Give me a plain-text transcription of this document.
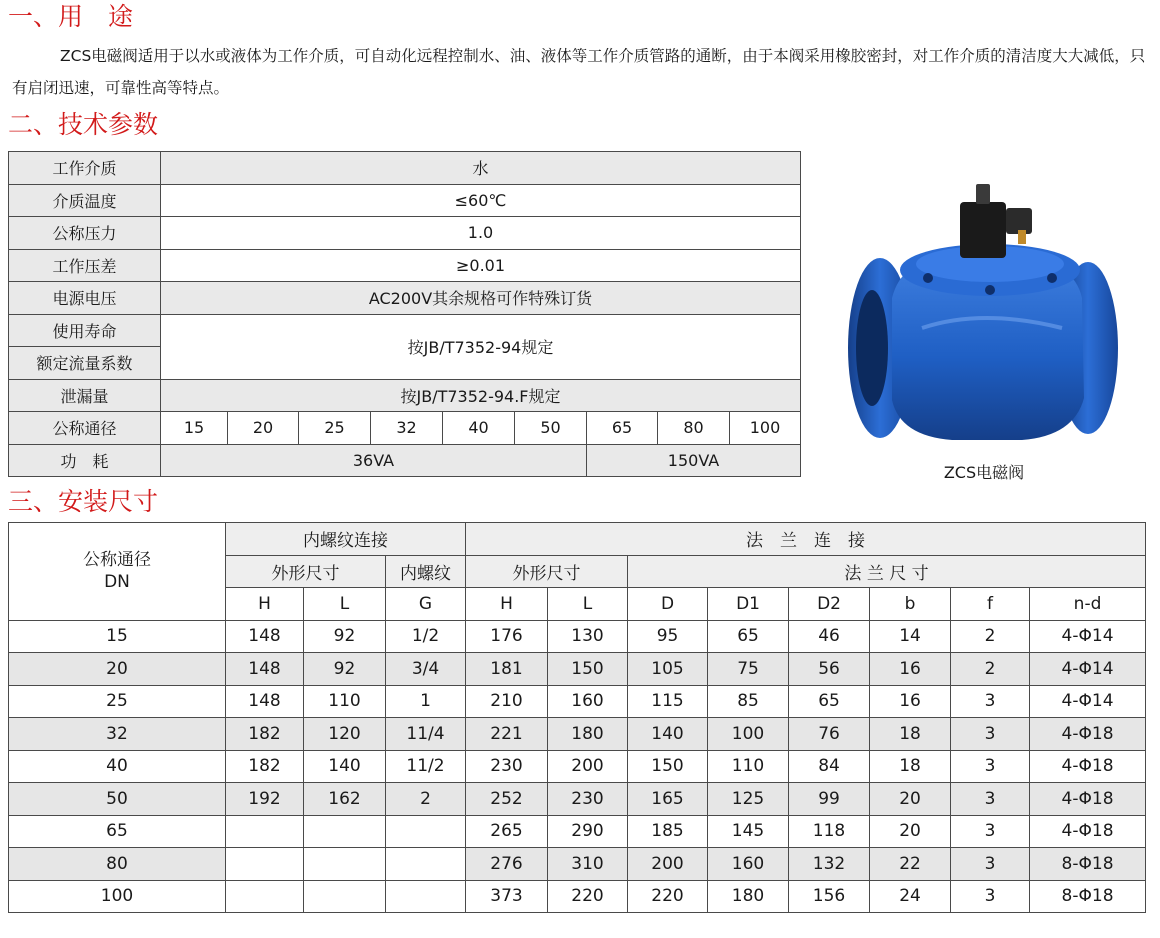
一、用　途
ZCS电磁阀适用于以水或液体为工作介质，可自动化远程控制水、油、液体等工作介质管路的通断，由于本阀采用橡胶密封，对工作介质的清洁度大大减低，只有启闭迅速，可靠性高等特点。
二、技术参数
工作介质	水								
介质温度	≤60℃								
公称压力	1.0								
工作压差	≥0.01								
电源电压	AC200V其余规格可作特殊订货								
使用寿命	按JB/T7352-94规定								
额定流量系数									
泄漏量	按JB/T7352-94.F规定								
公称通径	15	20	25	32	40	50	65	80	100
功　耗	36VA						150VA		
ZCS电磁阀
三、安装尺寸
公称通径
DN	内螺纹连接			法　兰　连　接							
	外形尺寸		内螺纹	外形尺寸		法 兰 尺 寸					
	H	L	G	H	L	D	D1	D2	b	f	n-d
15	148	92	1/2	176	130	95	65	46	14	2	4-Φ14
20	148	92	3/4	181	150	105	75	56	16	2	4-Φ14
25	148	110	1	210	160	115	85	65	16	3	4-Φ14
32	182	120	11/4	221	180	140	100	76	18	3	4-Φ18
40	182	140	11/2	230	200	150	110	84	18	3	4-Φ18
50	192	162	2	252	230	165	125	99	20	3	4-Φ18
65				265	290	185	145	118	20	3	4-Φ18
80				276	310	200	160	132	22	3	8-Φ18
100				373	220	220	180	156	24	3	8-Φ18
